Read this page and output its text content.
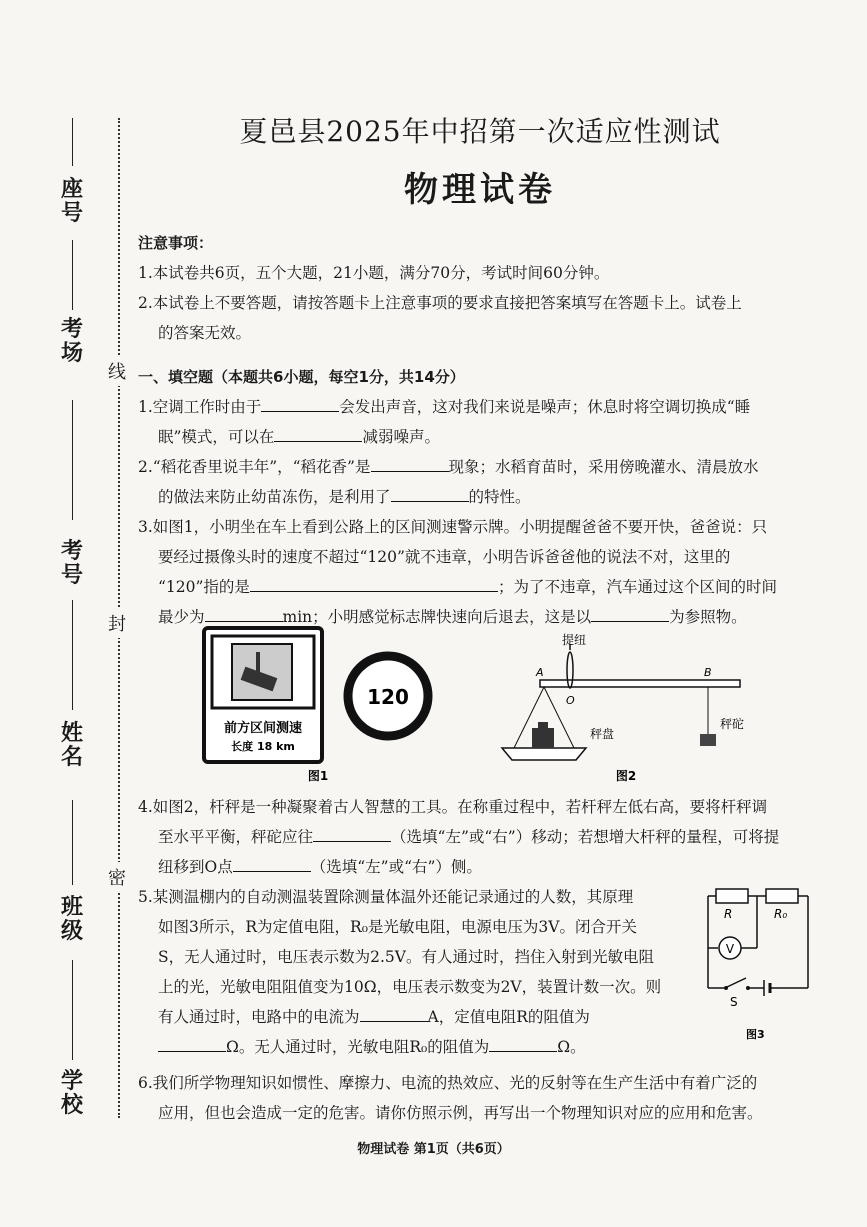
座号
考场
考号
姓名
班级
学校
线
封
密
夏邑县2025年中招第一次适应性测试
物理试卷
注意事项：
1.本试卷共6页，五个大题，21小题，满分70分，考试时间60分钟。
2.本试卷上不要答题，请按答题卡上注意事项的要求直接把答案填写在答题卡上。试卷上
的答案无效。
一、填空题（本题共6小题，每空1分，共14分）
1.空调工作时由于	会发出声音，这对我们来说是噪声；休息时将空调切换成“睡
眠”模式，可以在	减弱噪声。
2.“稻花香里说丰年”，“稻花香”是	现象；水稻育苗时，采用傍晚灌水、清晨放水
的做法来防止幼苗冻伤，是利用了	的特性。
3.如图1，小明坐在车上看到公路上的区间测速警示牌。小明提醒爸爸不要开快，爸爸说：只
要经过摄像头时的速度不超过“120”就不违章，小明告诉爸爸他的说法不对，这里的
“120”指的是	；为了不违章，汽车通过这个区间的时间
最少为	min；小明感觉标志牌快速向后退去，这是以	为参照物。
前方区间测速
长度 18 km
120
图1
提纽
A	B
O
秤盘
秤砣
图2
4.如图2，杆秤是一种凝聚着古人智慧的工具。在称重过程中，若杆秤左低右高，要将杆秤调
至水平平衡，秤砣应往	（选填“左”或“右”）移动；若想增大杆秤的量程，可将提
纽移到O点	（选填“左”或“右”）侧。
5.某测温棚内的自动测温装置除测量体温外还能记录通过的人数，其原理
如图3所示，R为定值电阻，R₀是光敏电阻，电源电压为3V。闭合开关
S，无人通过时，电压表示数为2.5V。有人通过时，挡住入射到光敏电阻
上的光，光敏电阻阻值变为10Ω，电压表示数变为2V，装置计数一次。则
有人通过时，电路中的电流为	A，定值电阻R的阻值为
Ω。无人通过时，光敏电阻R₀的阻值为	Ω。
R	R₀
V
S
图3
6.我们所学物理知识如惯性、摩擦力、电流的热效应、光的反射等在生产生活中有着广泛的
应用，但也会造成一定的危害。请你仿照示例，再写出一个物理知识对应的应用和危害。
物理试卷 第1页（共6页）
